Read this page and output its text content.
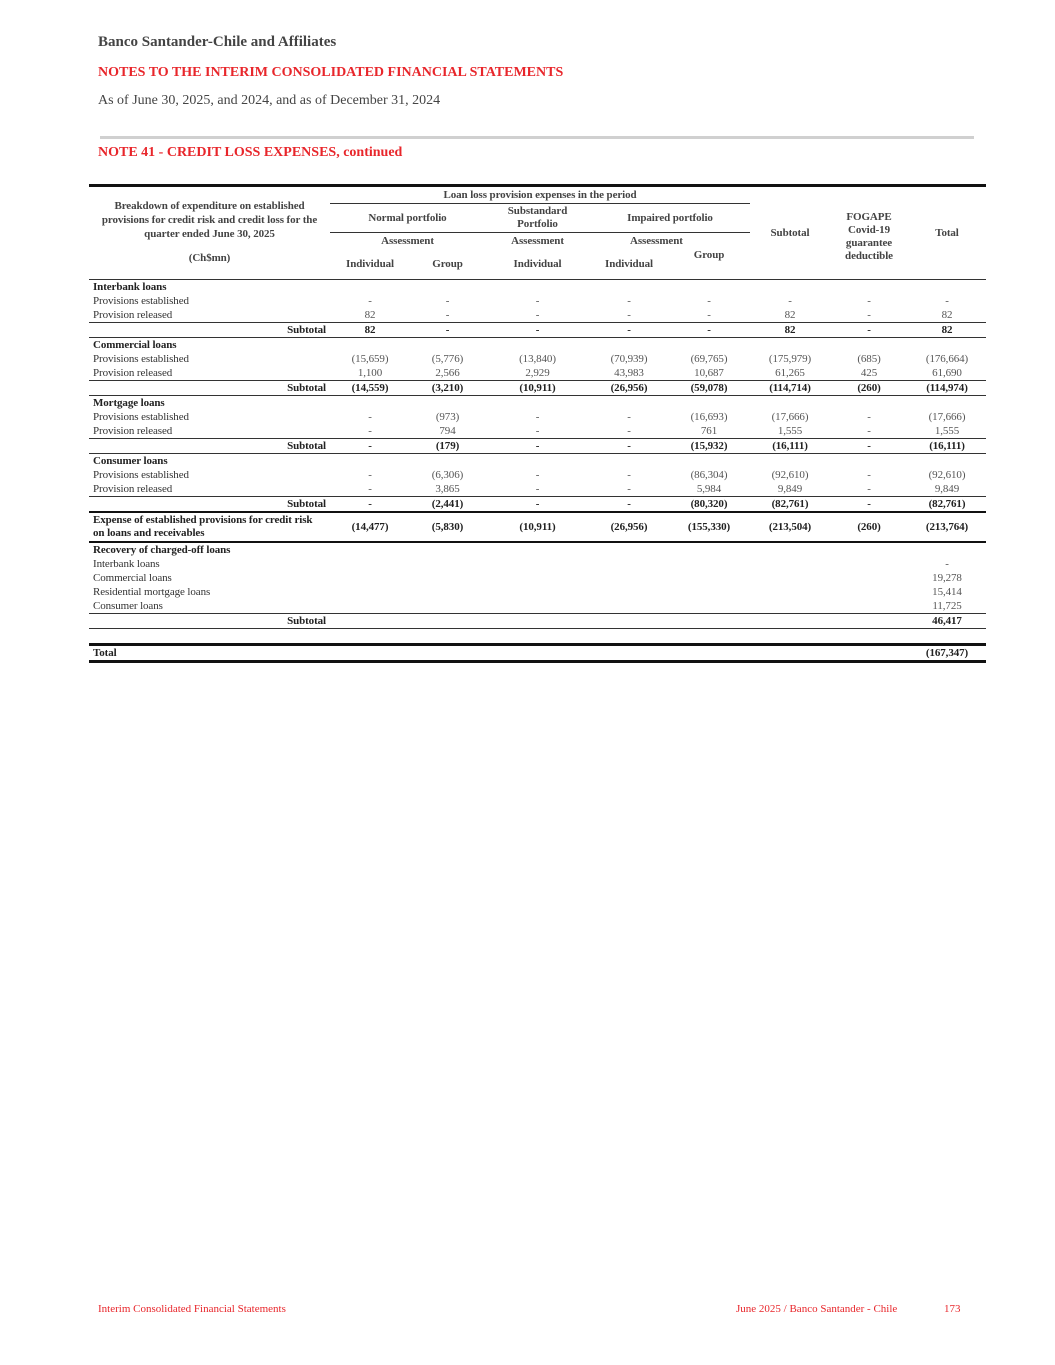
Banco Santander-Chile and Affiliates
NOTES TO THE INTERIM CONSOLIDATED FINANCIAL STATEMENTS
As of June 30, 2025, and 2024, and as of December 31, 2024
NOTE 41 - CREDIT LOSS EXPENSES, continued
Breakdown of expenditure on established provisions for credit risk and credit loss for the quarter ended June 30, 2025
(Ch$mn)	Loan loss provision expenses in the period					Subtotal	FOGAPE Covid-19 guarantee deductible	Total
	Normal portfolio		Substandard Portfolio	Impaired portfolio				
	Assessment		Assessment	Assessment				
	Individual	Group	Individual	Individual	Group			
Interbank loans								
Provisions established	-	-	-	-	-	-	-	-
Provision released	82	-	-	-	-	82	-	82
Subtotal	82	-	-	-	-	82	-	82
Commercial loans								
Provisions established	(15,659)	(5,776)	(13,840)	(70,939)	(69,765)	(175,979)	(685)	(176,664)
Provision released	1,100	2,566	2,929	43,983	10,687	61,265	425	61,690
Subtotal	(14,559)	(3,210)	(10,911)	(26,956)	(59,078)	(114,714)	(260)	(114,974)
Mortgage loans								
Provisions established	-	(973)	-	-	(16,693)	(17,666)	-	(17,666)
Provision released	-	794	-	-	761	1,555	-	1,555
Subtotal	-	(179)	-	-	(15,932)	(16,111)	-	(16,111)
Consumer loans								
Provisions established	-	(6,306)	-	-	(86,304)	(92,610)	-	(92,610)
Provision released	-	3,865	-	-	5,984	9,849	-	9,849
Subtotal	-	(2,441)	-	-	(80,320)	(82,761)	-	(82,761)
Expense of established provisions for credit risk on loans and receivables	(14,477)	(5,830)	(10,911)	(26,956)	(155,330)	(213,504)	(260)	(213,764)
Recovery of charged-off loans								
Interbank loans								-
Commercial loans								19,278
Residential mortgage loans								15,414
Consumer loans								11,725
Subtotal								46,417

Total								(167,347)
Interim Consolidated Financial Statements	June 2025 / Banco Santander - Chile	173
